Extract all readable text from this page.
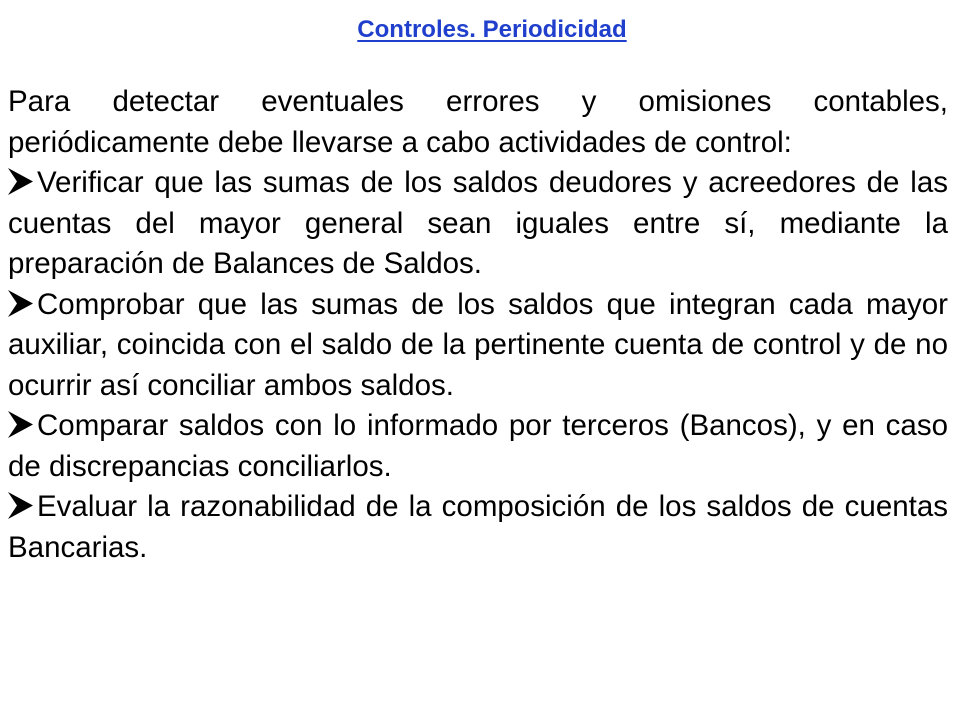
Controles. Periodicidad

Para detectar eventuales errores y omisiones contables, periódicamente debe llevarse a cabo actividades de control:

Verificar que las sumas de los saldos deudores y acreedores de las cuentas del mayor general sean iguales entre sí, mediante la preparación de Balances de Saldos.

Comprobar que las sumas de los saldos que integran cada mayor auxiliar, coincida con el saldo de la pertinente cuenta de control y de no ocurrir así conciliar ambos saldos.

Comparar saldos con lo informado por terceros (Bancos), y en caso de discrepancias conciliarlos.

Evaluar la razonabilidad de la composición de los saldos de cuentas Bancarias.
